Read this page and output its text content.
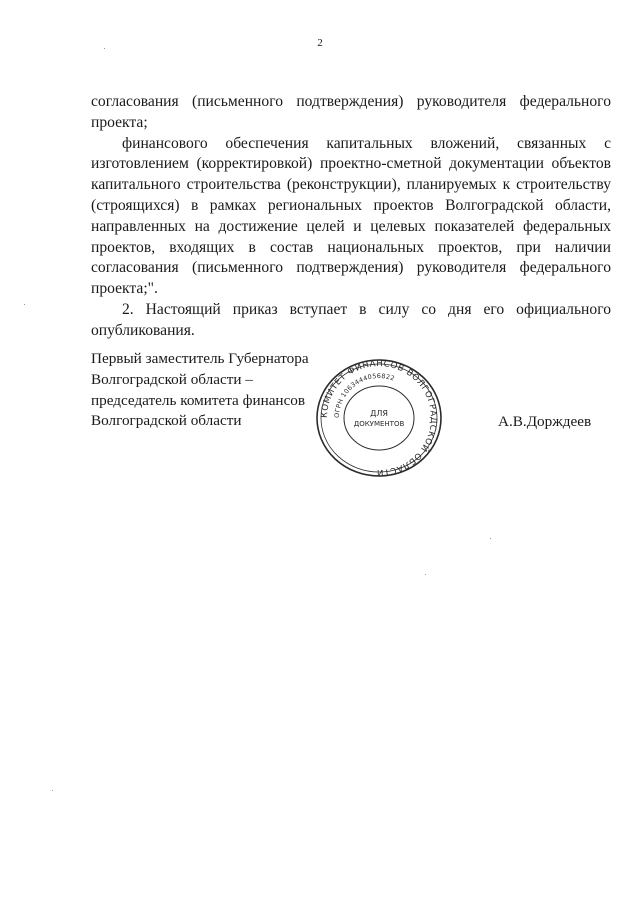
2

согласования (письменного подтверждения) руководителя федерального проекта;

финансового обеспечения капитальных вложений, связанных с изготовлением (корректировкой) проектно-сметной документации объектов капитального строительства (реконструкции), планируемых к строительству (строящихся) в рамках региональных проектов Волгоградской области, направленных на достижение целей и целевых показателей федеральных проектов, входящих в состав национальных проектов, при наличии согласования (письменного подтверждения) руководителя федерального проекта;".

2. Настоящий приказ вступает в силу со дня его официального опубликования.

Первый заместитель Губернатора
Волгоградской области –
председатель комитета финансов
Волгоградской области	КОМИТЕТ ФИНАНСОВ ВОЛГОГРАДСКОЙ ОБЛАСТИ
ОГРН 1063444056822
ДЛЯ
ДОКУМЕНТОВ	А.В.Дорждеев
